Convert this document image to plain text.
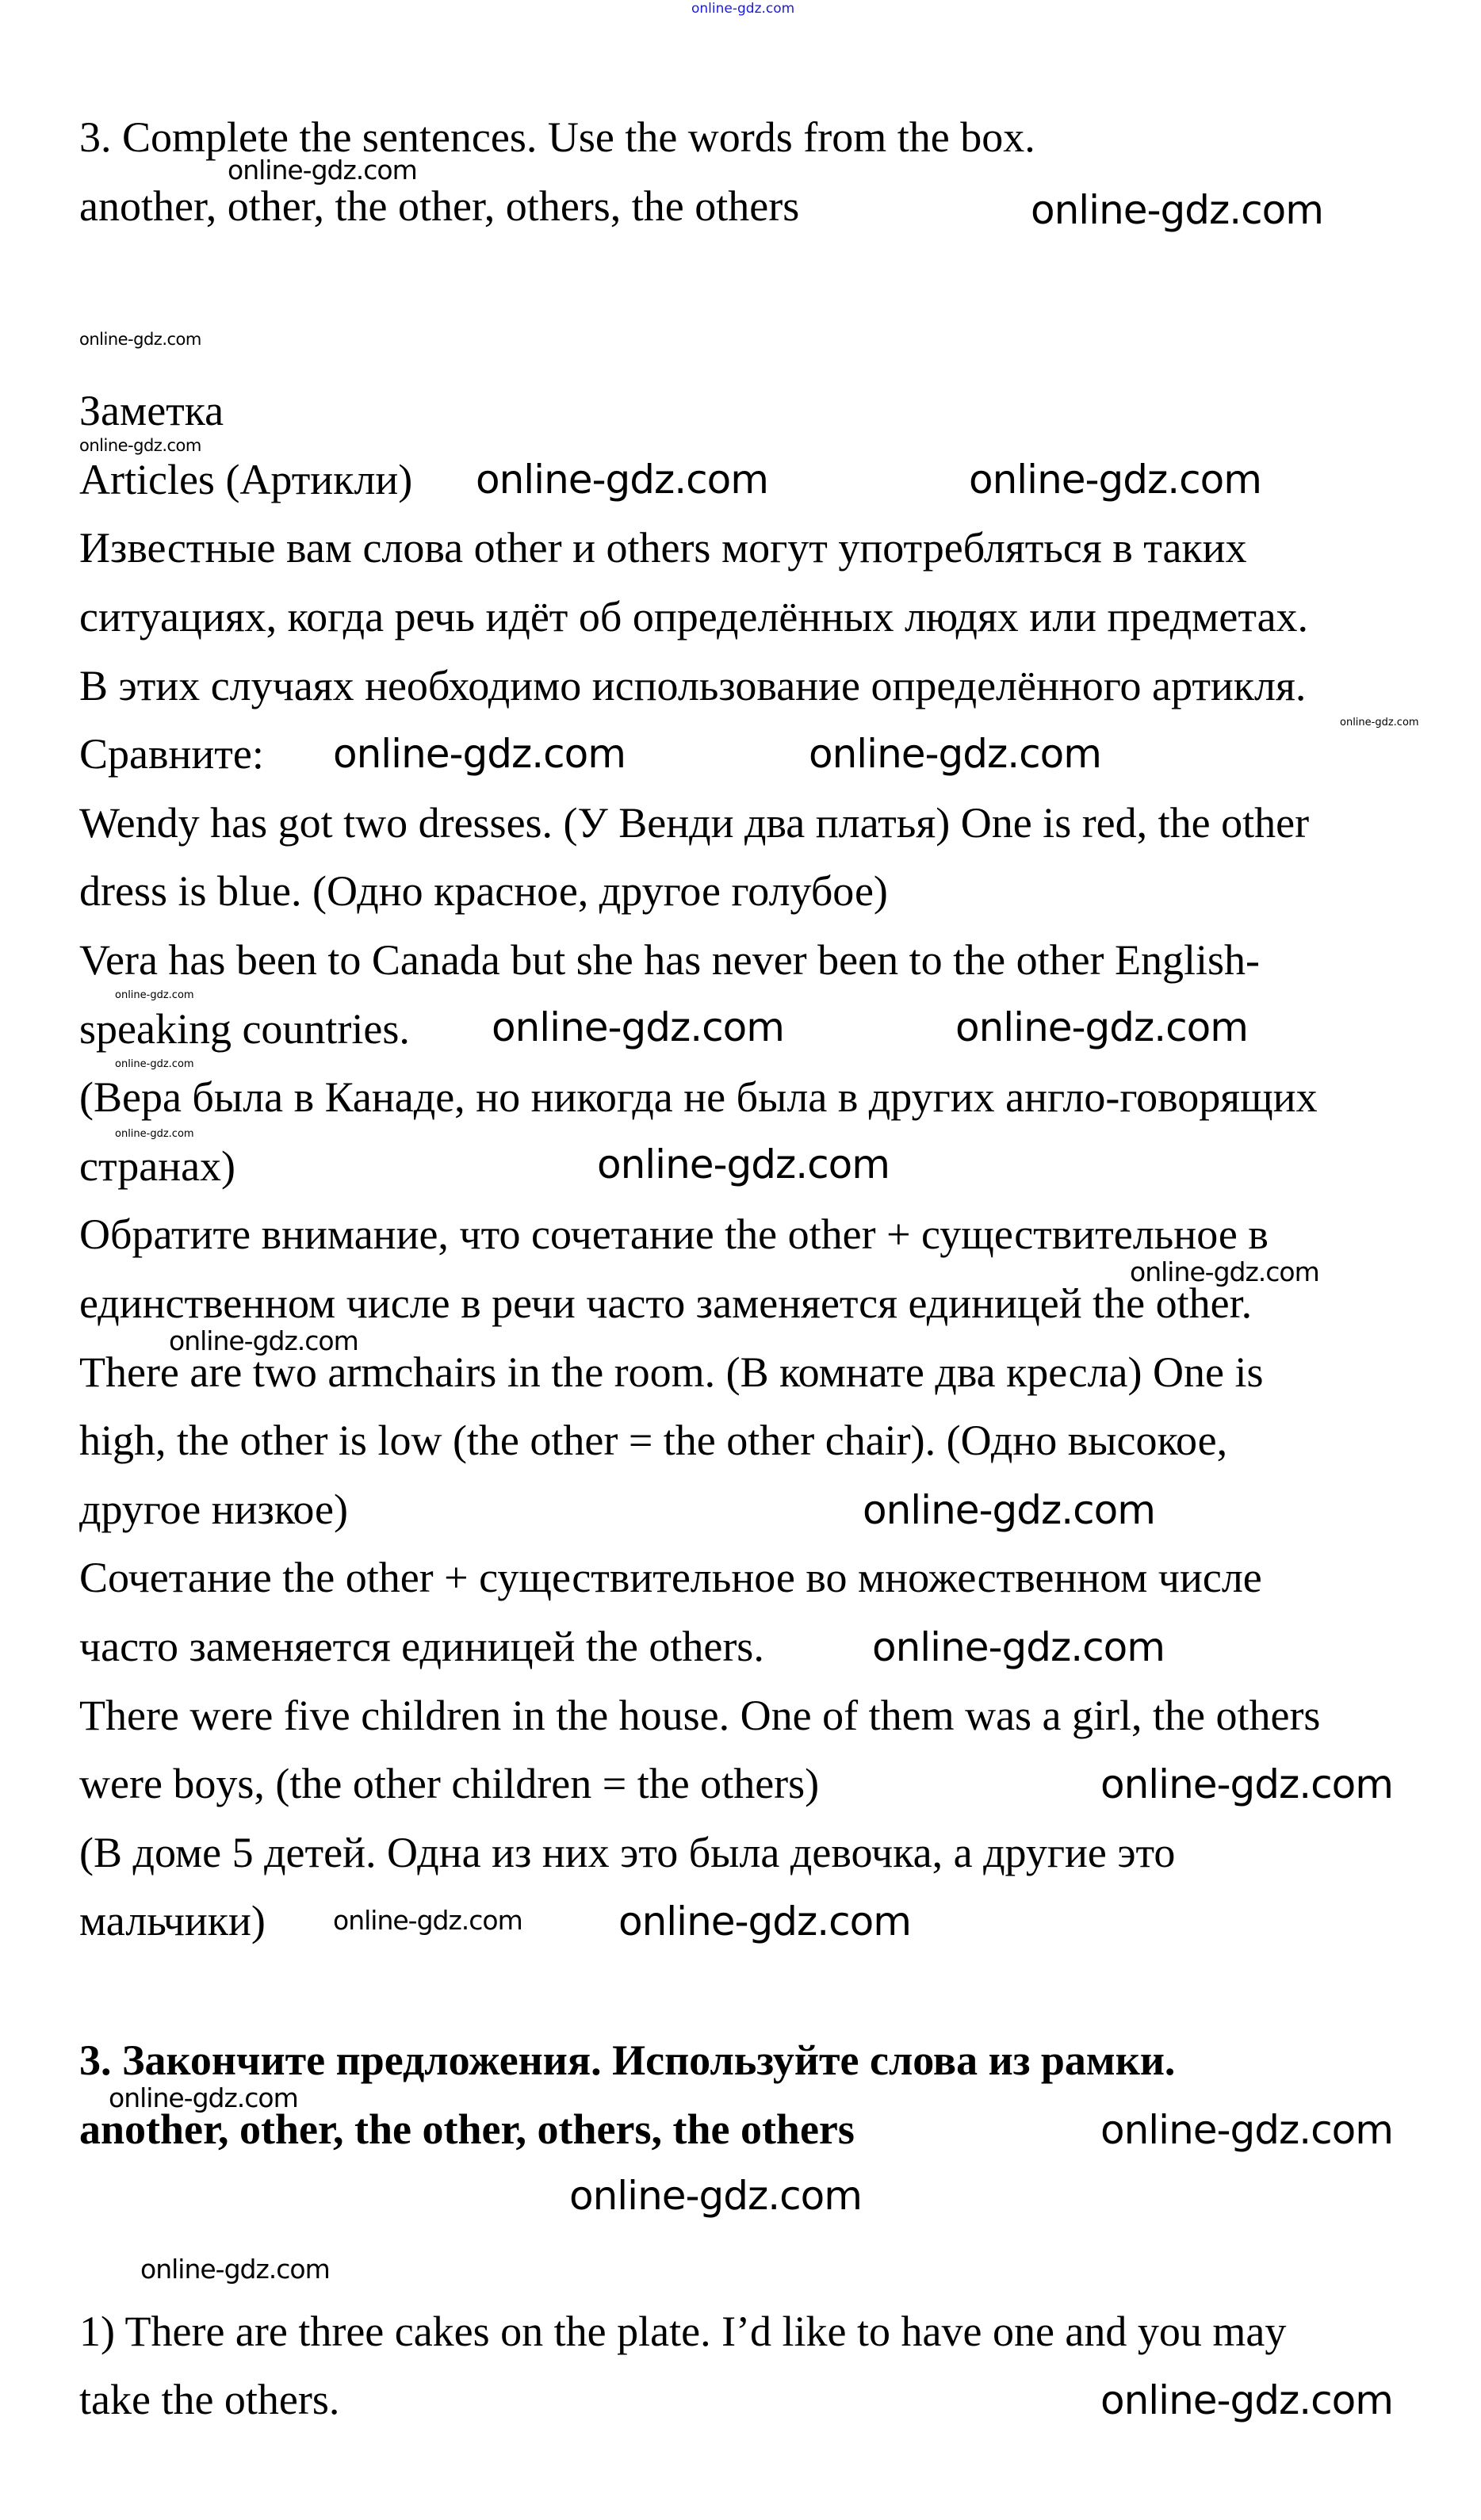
online-gdz.com
3. Complete the sentences. Use the words from the box.
another, other, the other, others, the others
Заметка
Articles (Артикли)
Известные вам слова other и others могут употребляться в таких
ситуациях, когда речь идёт об определённых людях или предметах.
В этих случаях необходимо использование определённого артикля.
Сравните:
Wendy has got two dresses. (У Венди два платья) One is red, the other
dress is blue. (Одно красное, другое голубое)
Vera has been to Canada but she has never been to the other English-
speaking countries.
(Вера была в Канаде, но никогда не была в других англо-говорящих
странах)
Обратите внимание, что сочетание the other + существительное в
единственном числе в речи часто заменяется единицей the other.
There are two armchairs in the room. (В комнате два кресла) One is
high, the other is low (the other = the other chair). (Одно высокое,
другое низкое)
Сочетание the other + существительное во множественном числе
часто заменяется единицей the others.
There were five children in the house. One of them was a girl, the others
were boys, (the other children = the others)
(В доме 5 детей. Одна из них это была девочка, а другие это
мальчики)
3. Закончите предложения. Используйте слова из рамки.
another, other, the other, others, the others
1) There are three cakes on the plate. I’d like to have one and you may
take the others.
online-gdz.com
online-gdz.com
online-gdz.com
online-gdz.com
online-gdz.com	online-gdz.com
online-gdz.com
online-gdz.com	online-gdz.com
online-gdz.com
online-gdz.com	online-gdz.com
online-gdz.com
online-gdz.com
online-gdz.com
online-gdz.com
online-gdz.com
online-gdz.com
online-gdz.com
online-gdz.com
online-gdz.com online-gdz.com
online-gdz.com
online-gdz.com
online-gdz.com
online-gdz.com
online-gdz.com
